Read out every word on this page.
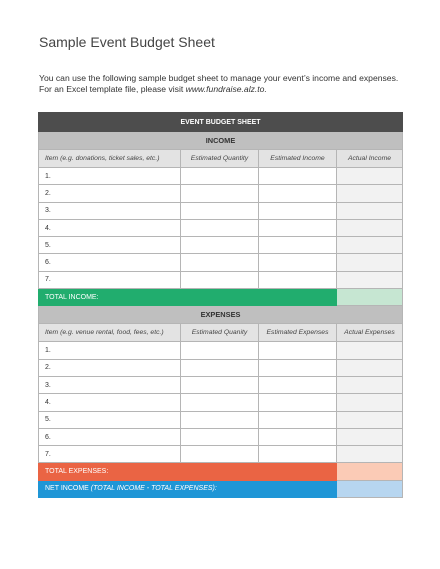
Sample Event Budget Sheet
You can use the following sample budget sheet to manage your event’s income and expenses.
For an Excel template file, please visit www.fundraise.alz.to.
EVENT BUDGET SHEET			
INCOME			
Item (e.g. donations, ticket sales, etc.)	Estimated Quantity	Estimated Income	Actual Income
1.			
2.			
3.			
4.			
5.			
6.			
7.			
TOTAL INCOME:			
EXPENSES			
Item (e.g. venue rental, food, fees, etc.)	Estimated Quanity	Estimated Expenses	Actual Expenses
1.			
2.			
3.			
4.			
5.			
6.			
7.			
TOTAL EXPENSES:			
NET INCOME (TOTAL INCOME - TOTAL EXPENSES):			
